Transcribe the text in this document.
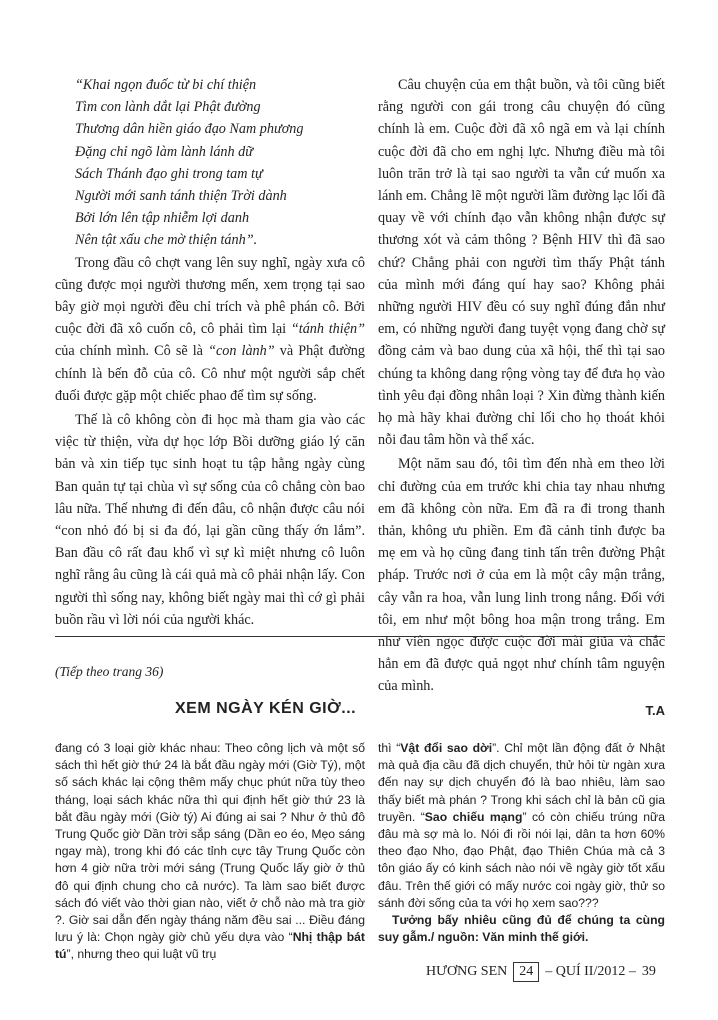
“Khai ngọn đuốc từ bi chí thiện

Tìm con lành dắt lại Phật đường

Thương dân hiền giáo đạo Nam phương

Đặng chỉ ngõ làm lành lánh dữ

Sách Thánh đạo ghi trong tam tự

Người mới sanh tánh thiện Trời dành

Bởi lớn lên tập nhiễm lợi danh

Nên tật xấu che mờ thiện tánh”.

Trong đầu cô chợt vang lên suy nghĩ, ngày xưa cô cũng được mọi người thương mến, xem trọng tại sao bây giờ mọi người đều chỉ trích và phê phán cô. Bởi cuộc đời đã xô cuốn cô, cô phải tìm lại “tánh thiện” của chính mình. Cô sẽ là “con lành” và Phật đường chính là bến đỗ của cô. Cô như một người sắp chết đuối được gặp một chiếc phao để tìm sự sống.

Thế là cô không còn đi học mà tham gia vào các việc từ thiện, vừa dự học lớp Bồi dưỡng giáo lý căn bản và xin tiếp tục sinh hoạt tu tập hằng ngày cùng Ban quản tự tại chùa vì sự sống của cô chẳng còn bao lâu nữa. Thế nhưng đi đến đâu, cô nhận được câu nói “con nhỏ đó bị si đa đó, lại gần cũng thấy ớn lắm”. Ban đầu cô rất đau khổ vì sự kì miệt nhưng cô luôn nghĩ rằng âu cũng là cái quả mà cô phải nhận lấy. Con người thì sống nay, không biết ngày mai thì cớ gì phải buồn rầu vì lời nói của người khác.

Câu chuyện của em thật buồn, và tôi cũng biết rằng người con gái trong câu chuyện đó cũng chính là em. Cuộc đời đã xô ngã em và lại chính cuộc đời đã cho em nghị lực. Nhưng điều mà tôi luôn trăn trở là tại sao người ta vẫn cứ muốn xa lánh em. Chẳng lẽ một người lầm đường lạc lối đã quay về với chính đạo vẫn không nhận được sự thương xót và cảm thông ? Bệnh HIV thì đã sao chứ? Chẳng phải con người tìm thấy Phật tánh của mình mới đáng quí hay sao? Không phải những người HIV đều có suy nghĩ đúng đắn như em, có những người đang tuyệt vọng đang chờ sự đồng cảm và bao dung của xã hội, thế thì tại sao chúng ta không dang rộng vòng tay để đưa họ vào tình yêu đại đồng nhân loại ? Xin đừng thành kiến họ mà hãy khai đường chỉ lối cho họ thoát khỏi nỗi đau tâm hồn và thể xác.

Một năm sau đó, tôi tìm đến nhà em theo lời chỉ đường của em trước khi chia tay nhau nhưng em đã không còn nữa. Em đã ra đi trong thanh thản, không ưu phiền. Em đã cảnh tỉnh được ba mẹ em và họ cũng đang tinh tấn trên đường Phật pháp. Trước nơi ở của em là một cây mận trắng, cây vẫn ra hoa, vẫn lung linh trong nắng. Đối với tôi, em như một bông hoa mận trong trắng. Em như viên ngọc được cuộc đời mài giũa và chắc hẳn em đã được quả ngọt như chính tâm nguyện của mình.

T.A
(Tiếp theo trang 36)
XEM NGÀY KÉN GIỜ...
đang có 3 loại giờ khác nhau: Theo công lịch và một số sách thì hết giờ thứ 24 là bắt đầu ngày mới (Giờ Tý), một số sách khác lại cộng thêm mấy chục phút nữa tùy theo tháng, loại sách khác nữa thì qui định hết giờ thứ 23 là bắt đầu ngày mới (Giờ tý) Ai đúng ai sai ? Như ở thủ đô Trung Quốc giờ Dần trời sắp sáng (Dần eo éo, Mẹo sáng ngay mà), trong khi đó các tỉnh cực tây Trung Quốc còn hơn 4 giờ nữa trời mới sáng (Trung Quốc lấy giờ ở thủ đô qui định chung cho cả nước). Ta làm sao biết được sách đó viết vào thời gian nào, viết ở chỗ nào mà tra giờ ?. Giờ sai dẫn đến ngày tháng năm đều sai ... Điều đáng lưu ý là: Chọn ngày giờ chủ yếu dựa vào “Nhị thập bát tú”, nhưng theo qui luật vũ trụ

thì “Vật đổi sao dời”. Chỉ một lần động đất ở Nhật mà quả địa cầu đã dịch chuyển, thử hỏi từ ngàn xưa đến nay sự dịch chuyển đó là bao nhiêu, làm sao thấy biết mà phán ? Trong khi sách chỉ là bản cũ gia truyền. “Sao chiếu mạng” có còn chiếu trúng nữa đâu mà sợ mà lo. Nói đi rồi nói lại, dân ta hơn 60% theo đạo Nho, đạo Phật, đạo Thiên Chúa mà cả 3 tôn giáo ấy có kinh sách nào nói về ngày giờ tốt xấu đâu. Trên thế giới có mấy nước coi ngày giờ, thử so sánh đời sống của ta với họ xem sao???

Tưởng bấy nhiêu cũng đủ để chúng ta cùng suy gẫm./ nguồn: Văn minh thế giới.

HƯƠNG SEN 24 – QUÍ II/2012 – 39
